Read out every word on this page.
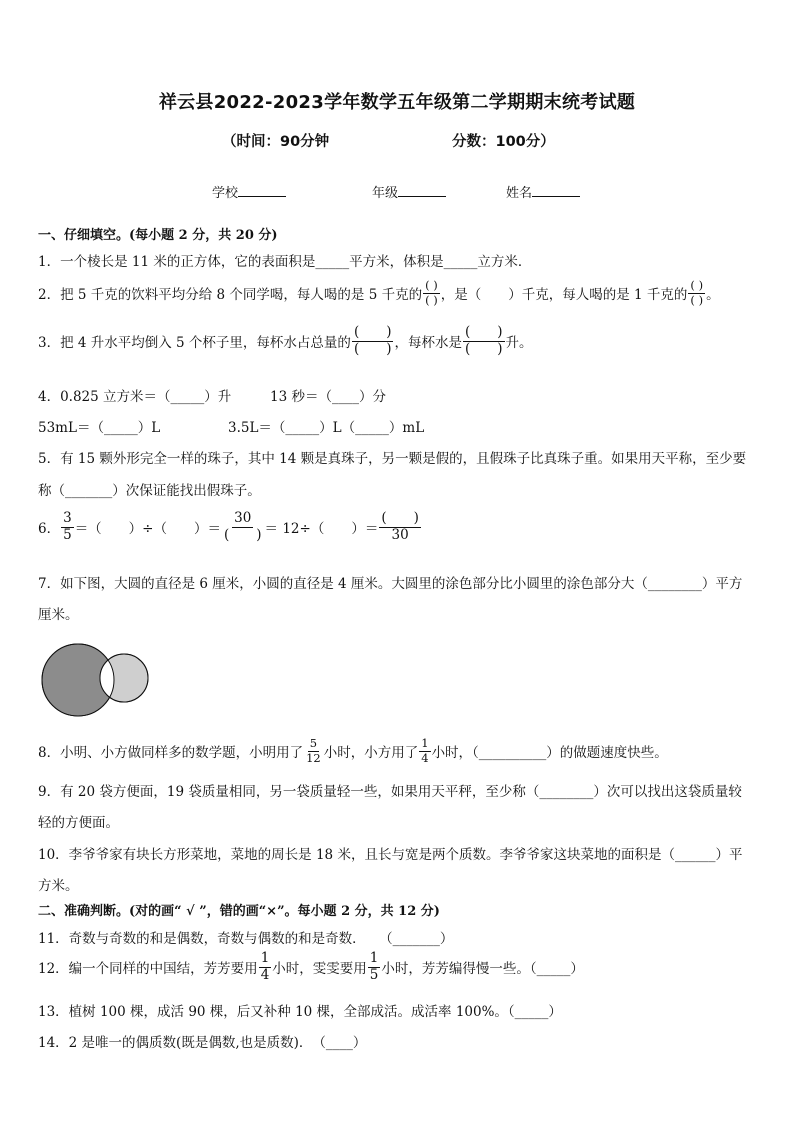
祥云县2022-2023学年数学五年级第二学期期末统考试题
（时间：90分钟	分数：100分）
学校	年级	姓名
一、仔细填空。(每小题 2 分，共 20 分)
1．一个棱长是 11 米的正方体，它的表面积是_____平方米，体积是_____立方米．
2．把 5 千克的饮料平均分给 8 个同学喝，每人喝的是 5 千克的 $\frac{( )}{( )}$ ，是（　　）千克，每人喝的是 1 千克的 $\frac{( )}{( )}$ 。
3．把 4 升水平均倒入 5 个杯子里，每杯水占总量的 $\frac{( )}{( )}$ ，每杯水是 $\frac{( )}{( )}$ 升。
4．0.825 立方米＝（_____）升	13 秒＝（____）分
53mL＝（_____）L	3.5L＝（_____）L（_____）mL
5．有 15 颗外形完全一样的珠子，其中 14 颗是真珠子，另一颗是假的，且假珠子比真珠子重。如果用天平称，至少要
称（_______）次保证能找出假珠子。
6． $\frac{3}{5}$ ＝（　　）÷（　　）＝ $\frac{30}{( )} = 12\div$（　　）＝ $\frac{( )}{30}$
7．如下图，大圆的直径是 6 厘米，小圆的直径是 4 厘米。大圆里的涂色部分比小圆里的涂色部分大（________）平方
厘米。
8．小明、小方做同样多的数学题，小明用了 $\frac{5}{12}$ 小时，小方用了 $\frac{1}{4}$ 小时，（__________）的做题速度快些。
9．有 20 袋方便面，19 袋质量相同，另一袋质量轻一些，如果用天平秤，至少称（________）次可以找出这袋质量较
轻的方便面。
10．李爷爷家有块长方形菜地，菜地的周长是 18 米，且长与宽是两个质数。李爷爷家这块菜地的面积是（______）平
方米。
二、准确判断。(对的画“ √ ”，错的画“×”。每小题 2 分，共 12 分)
11．奇数与奇数的和是偶数，奇数与偶数的和是奇数．　　（_______）
12．编一个同样的中国结，芳芳要用 $\frac{1}{4}$ 小时，雯雯要用 $\frac{1}{5}$ 小时，芳芳编得慢一些。（_____）
13．植树 100 棵，成活 90 棵，后又补种 10 棵，全部成活。成活率 100%。（_____）
14．2 是唯一的偶质数(既是偶数,也是质数)．　（____）
